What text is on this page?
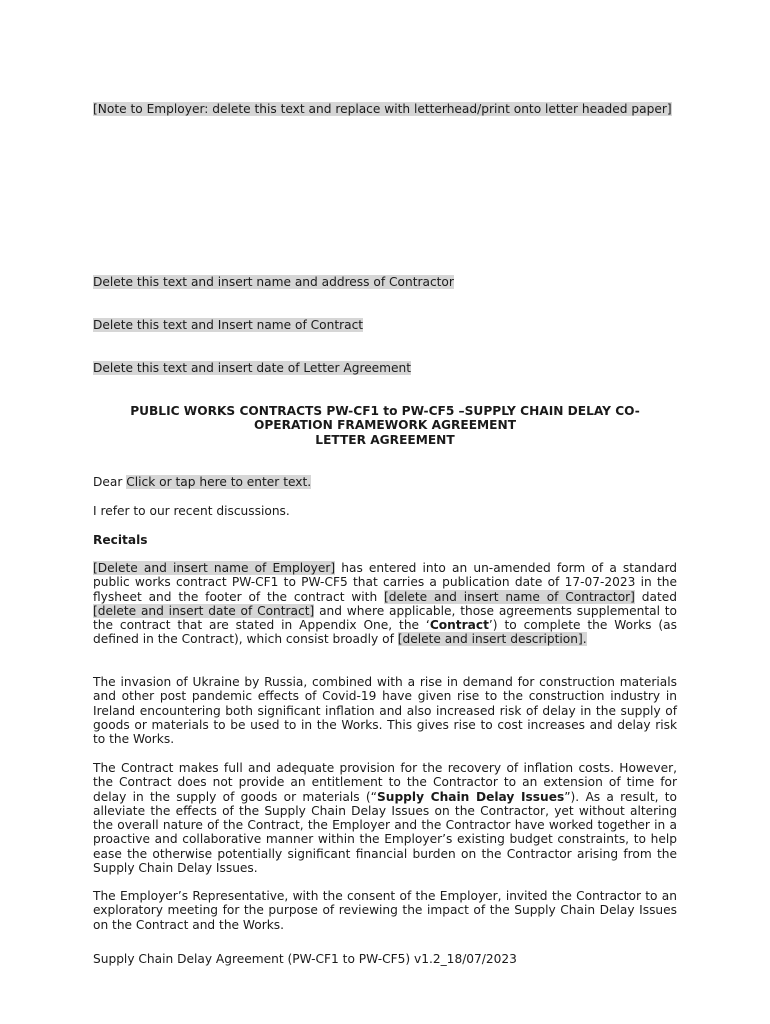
[Note to Employer: delete this text and replace with letterhead/print onto letter headed paper]
Delete this text and insert name and address of Contractor
Delete this text and Insert name of Contract
Delete this text and insert date of Letter Agreement
PUBLIC WORKS CONTRACTS PW-CF1 to PW-CF5 –SUPPLY CHAIN DELAY CO-
OPERATION FRAMEWORK AGREEMENT
LETTER AGREEMENT
Dear Click or tap here to enter text.
I refer to our recent discussions.
Recitals
[Delete and insert name of Employer] has entered into an un-amended form of a standard public works contract PW-CF1 to PW-CF5 that carries a publication date of 17-07-2023 in the flysheet and the footer of the contract with [delete and insert name of Contractor] dated [delete and insert date of Contract] and where applicable, those agreements supplemental to the contract that are stated in Appendix One, the ‘Contract’) to complete the Works (as defined in the Contract), which consist broadly of [delete and insert description].
The invasion of Ukraine by Russia, combined with a rise in demand for construction materials and other post pandemic effects of Covid-19 have given rise to the construction industry in Ireland encountering both significant inflation and also increased risk of delay in the supply of goods or materials to be used to in the Works. This gives rise to cost increases and delay risk to the Works.
The Contract makes full and adequate provision for the recovery of inflation costs. However, the Contract does not provide an entitlement to the Contractor to an extension of time for delay in the supply of goods or materials (“Supply Chain Delay Issues”). As a result, to alleviate the effects of the Supply Chain Delay Issues on the Contractor, yet without altering the overall nature of the Contract, the Employer and the Contractor have worked together in a proactive and collaborative manner within the Employer’s existing budget constraints, to help ease the otherwise potentially significant financial burden on the Contractor arising from the Supply Chain Delay Issues.
The Employer’s Representative, with the consent of the Employer, invited the Contractor to an exploratory meeting for the purpose of reviewing the impact of the Supply Chain Delay Issues on the Contract and the Works.
Supply Chain Delay Agreement (PW-CF1 to PW-CF5) v1.2_18/07/2023
